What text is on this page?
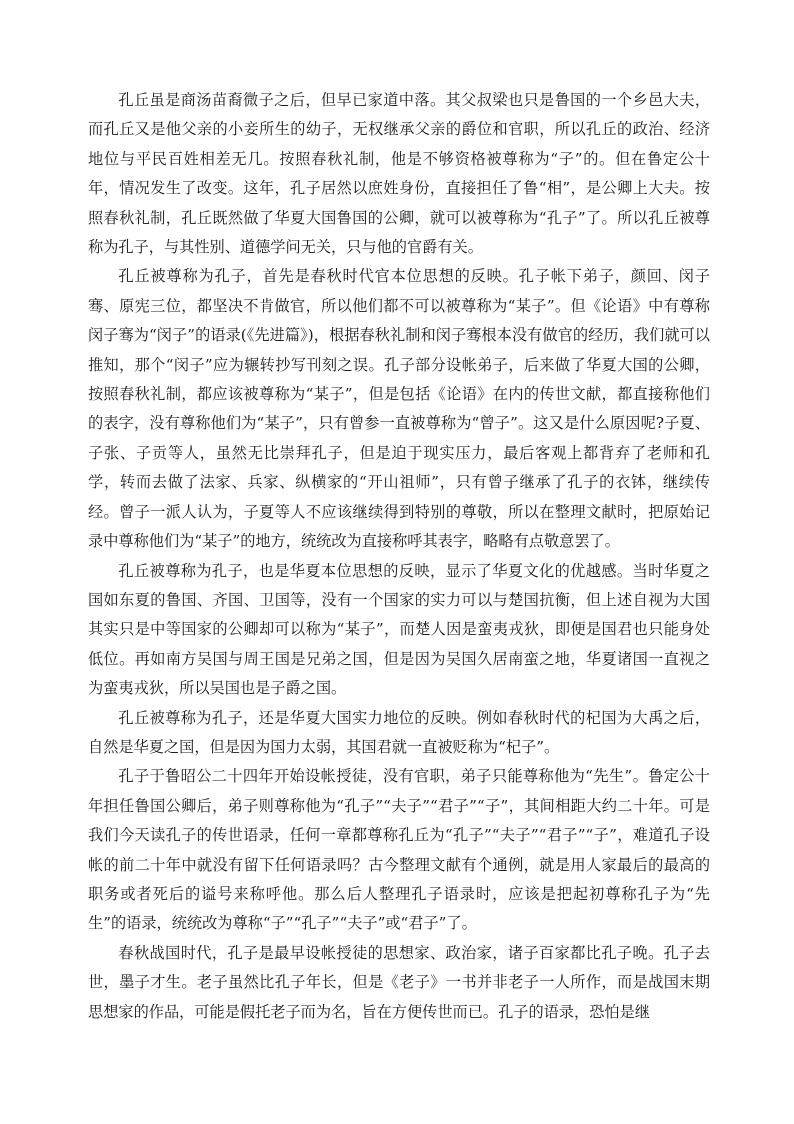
孔丘虽是商汤苗裔微子之后，但早已家道中落。其父叔梁也只是鲁国的一个乡邑大夫，而孔丘又是他父亲的小妾所生的幼子，无权继承父亲的爵位和官职，所以孔丘的政治、经济地位与平民百姓相差无几。按照春秋礼制，他是不够资格被尊称为“子”的。但在鲁定公十年，情况发生了改变。这年，孔子居然以庶姓身份，直接担任了鲁“相”，是公卿上大夫。按照春秋礼制，孔丘既然做了华夏大国鲁国的公卿，就可以被尊称为“孔子”了。所以孔丘被尊称为孔子，与其性别、道德学问无关，只与他的官爵有关。

孔丘被尊称为孔子，首先是春秋时代官本位思想的反映。孔子帐下弟子，颜回、闵子骞、原宪三位，都坚决不肯做官，所以他们都不可以被尊称为“某子”。但《论语》中有尊称闵子骞为“闵子”的语录(《先进篇》)，根据春秋礼制和闵子骞根本没有做官的经历，我们就可以推知，那个“闵子”应为辗转抄写刊刻之误。孔子部分设帐弟子，后来做了华夏大国的公卿，按照春秋礼制，都应该被尊称为“某子”，但是包括《论语》在内的传世文献，都直接称他们的表字，没有尊称他们为“某子”，只有曾参一直被尊称为“曾子”。这又是什么原因呢?子夏、子张、子贡等人，虽然无比崇拜孔子，但是迫于现实压力，最后客观上都背弃了老师和孔学，转而去做了法家、兵家、纵横家的“开山祖师”，只有曾子继承了孔子的衣钵，继续传经。曾子一派人认为，子夏等人不应该继续得到特别的尊敬，所以在整理文献时，把原始记录中尊称他们为“某子”的地方，统统改为直接称呼其表字，略略有点敬意罢了。

孔丘被尊称为孔子，也是华夏本位思想的反映，显示了华夏文化的优越感。当时华夏之国如东夏的鲁国、齐国、卫国等，没有一个国家的实力可以与楚国抗衡，但上述自视为大国其实只是中等国家的公卿却可以称为“某子”，而楚人因是蛮夷戎狄，即便是国君也只能身处低位。再如南方吴国与周王国是兄弟之国，但是因为吴国久居南蛮之地，华夏诸国一直视之为蛮夷戎狄，所以吴国也是子爵之国。

孔丘被尊称为孔子，还是华夏大国实力地位的反映。例如春秋时代的杞国为大禹之后，自然是华夏之国，但是因为国力太弱，其国君就一直被贬称为“杞子”。

孔子于鲁昭公二十四年开始设帐授徒，没有官职，弟子只能尊称他为“先生”。鲁定公十年担任鲁国公卿后，弟子则尊称他为“孔子”“夫子”“君子”“子”，其间相距大约二十年。可是我们今天读孔子的传世语录，任何一章都尊称孔丘为“孔子”“夫子”“君子”“子”，难道孔子设帐的前二十年中就没有留下任何语录吗？古今整理文献有个通例，就是用人家最后的最高的职务或者死后的谥号来称呼他。那么后人整理孔子语录时，应该是把起初尊称孔子为“先生”的语录，统统改为尊称“子”“孔子”“夫子”或“君子”了。

春秋战国时代，孔子是最早设帐授徒的思想家、政治家，诸子百家都比孔子晚。孔子去世，墨子才生。老子虽然比孔子年长，但是《老子》一书并非老子一人所作，而是战国末期思想家的作品，可能是假托老子而为名，旨在方便传世而已。孔子的语录，恐怕是继
